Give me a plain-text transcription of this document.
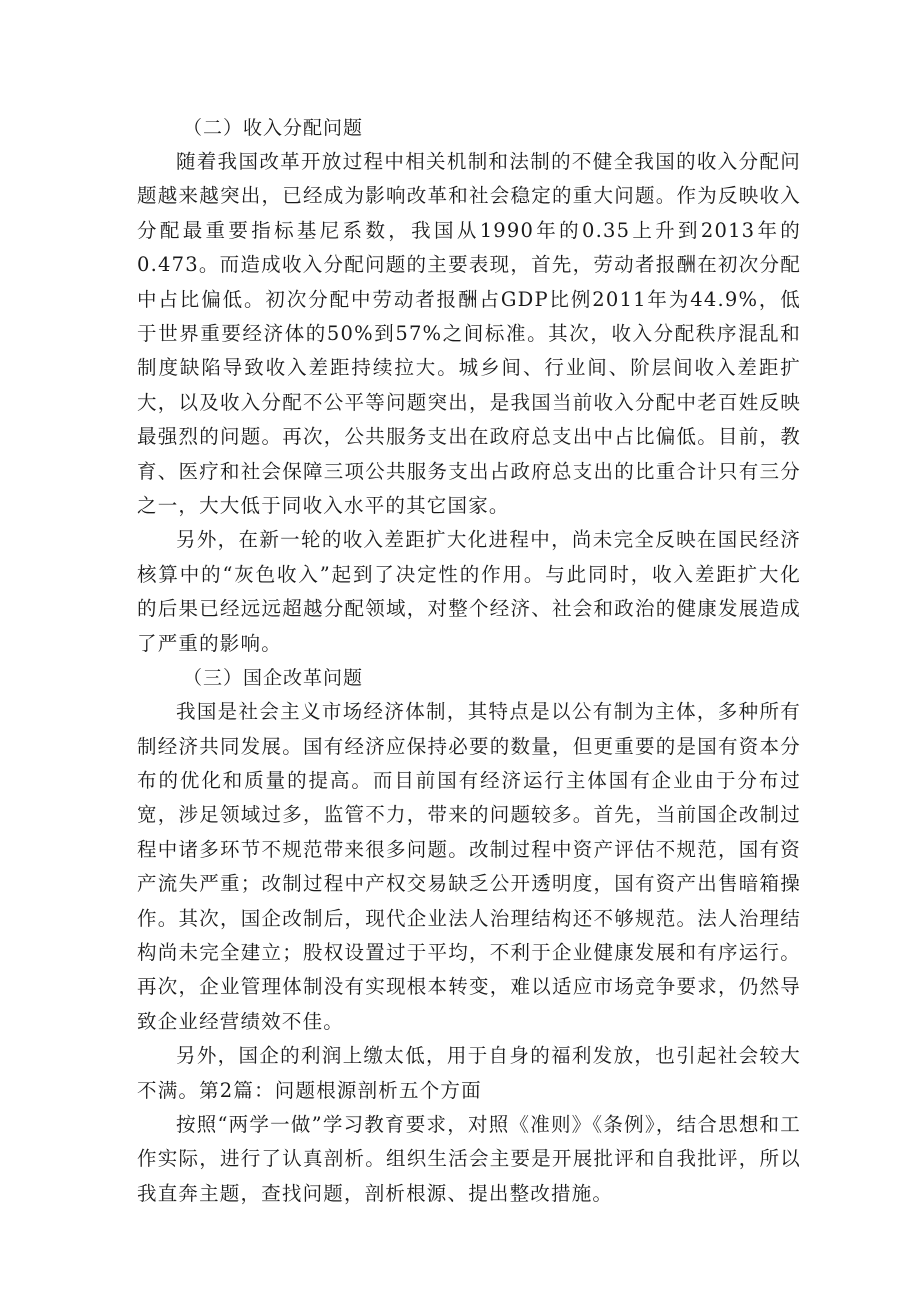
（二）收入分配问题

随着我国改革开放过程中相关机制和法制的不健全我国的收入分配问题越来越突出，已经成为影响改革和社会稳定的重大问题。作为反映收入分配最重要指标基尼系数，我国从1990年的0.35上升到2013年的0.473。而造成收入分配问题的主要表现，首先，劳动者报酬在初次分配中占比偏低。初次分配中劳动者报酬占GDP比例2011年为44.9%，低于世界重要经济体的50%到57%之间标准。其次，收入分配秩序混乱和制度缺陷导致收入差距持续拉大。城乡间、行业间、阶层间收入差距扩大，以及收入分配不公平等问题突出，是我国当前收入分配中老百姓反映最强烈的问题。再次，公共服务支出在政府总支出中占比偏低。目前，教育、医疗和社会保障三项公共服务支出占政府总支出的比重合计只有三分之一，大大低于同收入水平的其它国家。

另外，在新一轮的收入差距扩大化进程中，尚未完全反映在国民经济核算中的“灰色收入”起到了决定性的作用。与此同时，收入差距扩大化的后果已经远远超越分配领域，对整个经济、社会和政治的健康发展造成了严重的影响。

（三）国企改革问题

我国是社会主义市场经济体制，其特点是以公有制为主体，多种所有制经济共同发展。国有经济应保持必要的数量，但更重要的是国有资本分布的优化和质量的提高。而目前国有经济运行主体国有企业由于分布过宽，涉足领域过多，监管不力，带来的问题较多。首先，当前国企改制过程中诸多环节不规范带来很多问题。改制过程中资产评估不规范，国有资产流失严重；改制过程中产权交易缺乏公开透明度，国有资产出售暗箱操作。其次，国企改制后，现代企业法人治理结构还不够规范。法人治理结构尚未完全建立；股权设置过于平均，不利于企业健康发展和有序运行。再次，企业管理体制没有实现根本转变，难以适应市场竞争要求，仍然导致企业经营绩效不佳。

另外，国企的利润上缴太低，用于自身的福利发放，也引起社会较大不满。第2篇：问题根源剖析五个方面

按照“两学一做”学习教育要求，对照《准则》《条例》，结合思想和工作实际，进行了认真剖析。组织生活会主要是开展批评和自我批评，所以我直奔主题，查找问题，剖析根源、提出整改措施。
